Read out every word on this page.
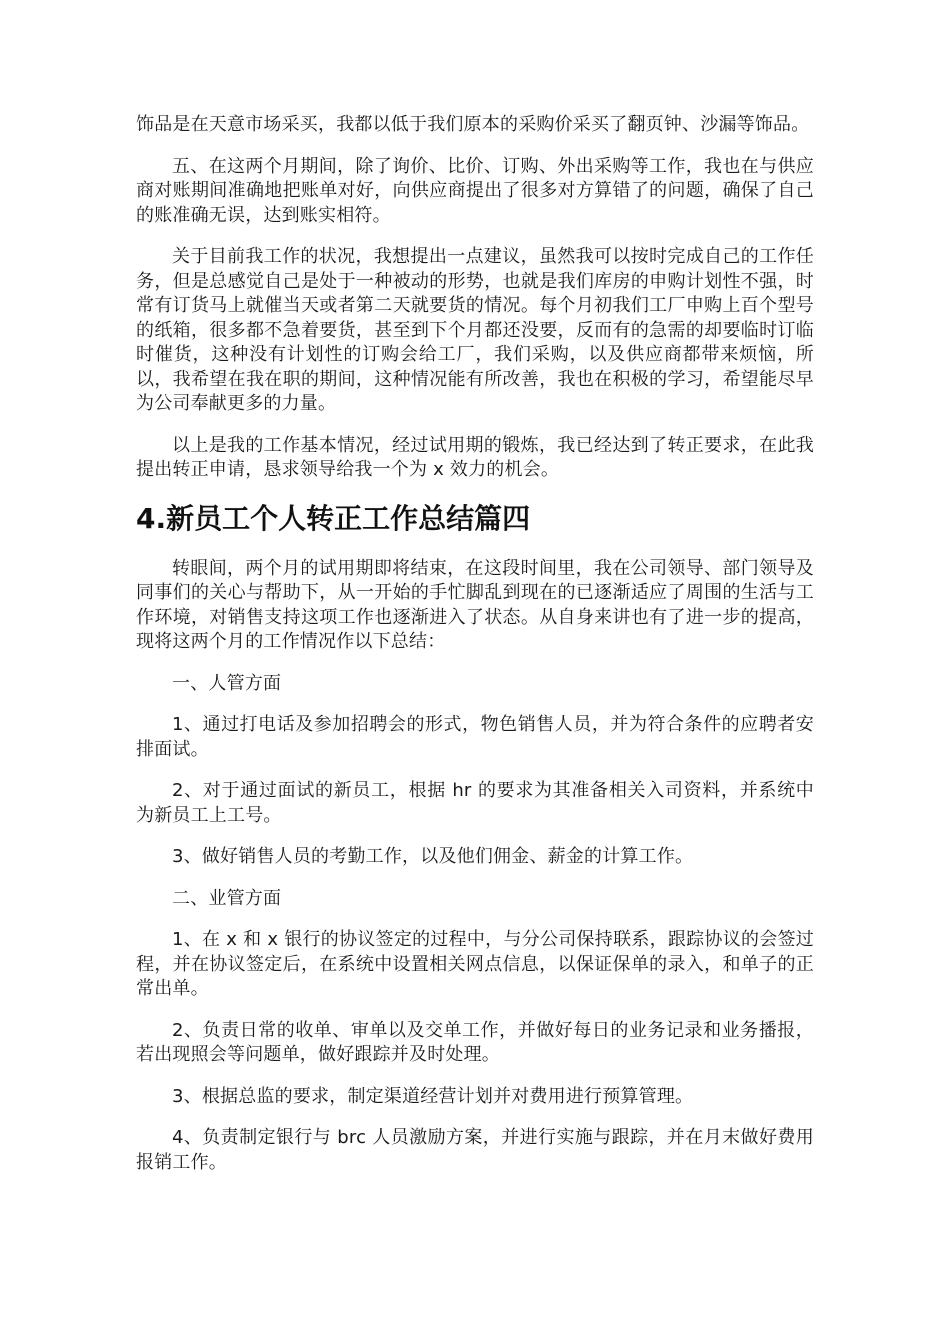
饰品是在天意市场采买，我都以低于我们原本的采购价采买了翻页钟、沙漏等饰品。

五、在这两个月期间，除了询价、比价、订购、外出采购等工作，我也在与供应商对账期间准确地把账单对好，向供应商提出了很多对方算错了的问题，确保了自己的账准确无误，达到账实相符。

关于目前我工作的状况，我想提出一点建议，虽然我可以按时完成自己的工作任务，但是总感觉自己是处于一种被动的形势，也就是我们库房的申购计划性不强，时常有订货马上就催当天或者第二天就要货的情况。每个月初我们工厂申购上百个型号的纸箱，很多都不急着要货，甚至到下个月都还没要，反而有的急需的却要临时订临时催货，这种没有计划性的订购会给工厂，我们采购，以及供应商都带来烦恼，所以，我希望在我在职的期间，这种情况能有所改善，我也在积极的学习，希望能尽早为公司奉献更多的力量。

以上是我的工作基本情况，经过试用期的锻炼，我已经达到了转正要求，在此我提出转正申请，恳求领导给我一个为 x 效力的机会。

4.新员工个人转正工作总结篇四

转眼间，两个月的试用期即将结束，在这段时间里，我在公司领导、部门领导及同事们的关心与帮助下，从一开始的手忙脚乱到现在的已逐渐适应了周围的生活与工作环境，对销售支持这项工作也逐渐进入了状态。从自身来讲也有了进一步的提高，现将这两个月的工作情况作以下总结：

一、人管方面

1、通过打电话及参加招聘会的形式，物色销售人员，并为符合条件的应聘者安排面试。

2、对于通过面试的新员工，根据 hr 的要求为其准备相关入司资料，并系统中为新员工上工号。

3、做好销售人员的考勤工作，以及他们佣金、薪金的计算工作。

二、业管方面

1、在 x 和 x 银行的协议签定的过程中，与分公司保持联系，跟踪协议的会签过程，并在协议签定后，在系统中设置相关网点信息，以保证保单的录入，和单子的正常出单。

2、负责日常的收单、审单以及交单工作，并做好每日的业务记录和业务播报，若出现照会等问题单，做好跟踪并及时处理。

3、根据总监的要求，制定渠道经营计划并对费用进行预算管理。

4、负责制定银行与 brc 人员激励方案，并进行实施与跟踪，并在月末做好费用报销工作。
